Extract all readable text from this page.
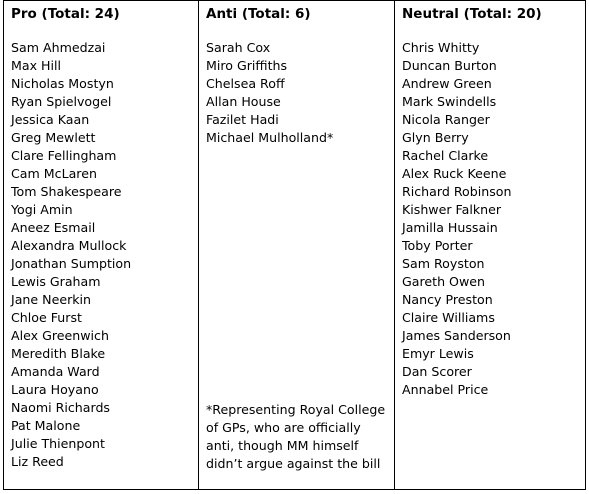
Pro (Total: 24)
Sam Ahmedzai
Max Hill
Nicholas Mostyn
Ryan Spielvogel
Jessica Kaan
Greg Mewlett
Clare Fellingham
Cam McLaren
Tom Shakespeare
Yogi Amin
Aneez Esmail
Alexandra Mullock
Jonathan Sumption
Lewis Graham
Jane Neerkin
Chloe Furst
Alex Greenwich
Meredith Blake
Amanda Ward
Laura Hoyano
Naomi Richards
Pat Malone
Julie Thienpont
Liz Reed
Anti (Total: 6)
Sarah Cox
Miro Griffiths
Chelsea Roff
Allan House
Fazilet Hadi
Michael Mulholland*
*Representing Royal College of GPs, who are officially anti, though MM himself didn’t argue against the bill
Neutral (Total: 20)
Chris Whitty
Duncan Burton
Andrew Green
Mark Swindells
Nicola Ranger
Glyn Berry
Rachel Clarke
Alex Ruck Keene
Richard Robinson
Kishwer Falkner
Jamilla Hussain
Toby Porter
Sam Royston
Gareth Owen
Nancy Preston
Claire Williams
James Sanderson
Emyr Lewis
Dan Scorer
Annabel Price
